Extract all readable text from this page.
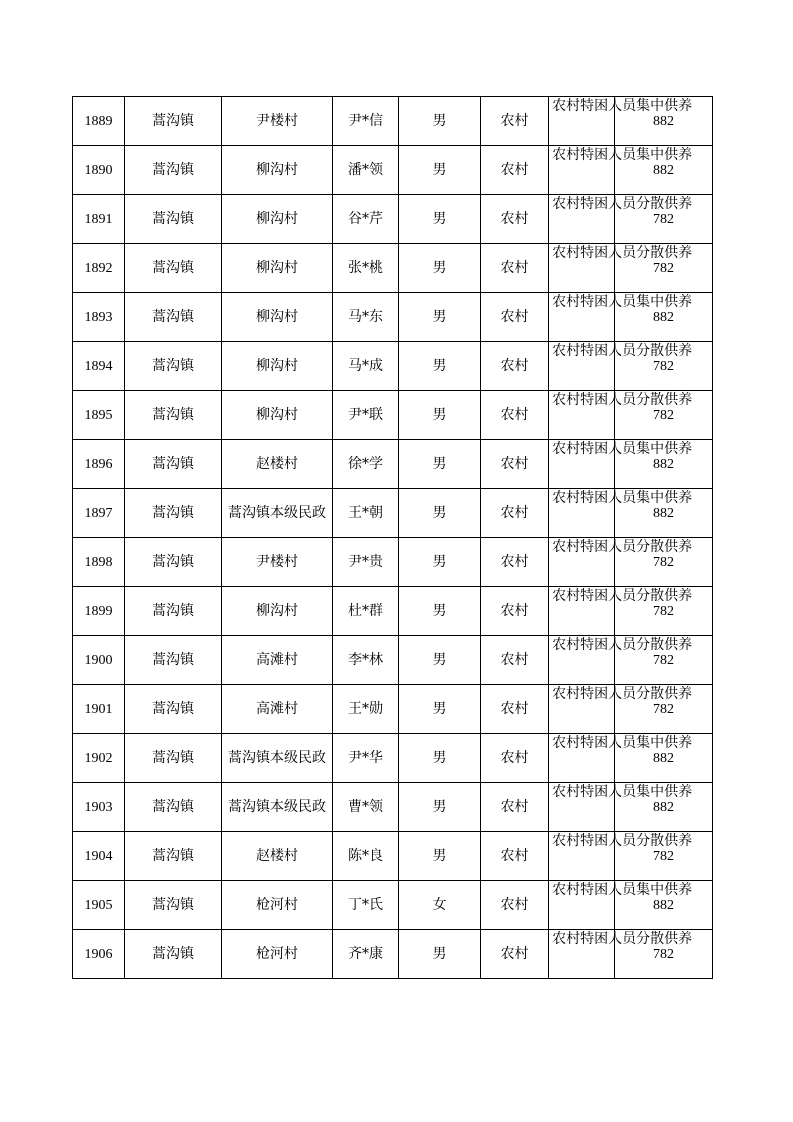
1889	蒿沟镇	尹楼村	尹*信	男	农村	农村特困人员集中供养	882
1890	蒿沟镇	柳沟村	潘*领	男	农村	农村特困人员集中供养	882
1891	蒿沟镇	柳沟村	谷*芹	男	农村	农村特困人员分散供养	782
1892	蒿沟镇	柳沟村	张*桃	男	农村	农村特困人员分散供养	782
1893	蒿沟镇	柳沟村	马*东	男	农村	农村特困人员集中供养	882
1894	蒿沟镇	柳沟村	马*成	男	农村	农村特困人员分散供养	782
1895	蒿沟镇	柳沟村	尹*联	男	农村	农村特困人员分散供养	782
1896	蒿沟镇	赵楼村	徐*学	男	农村	农村特困人员集中供养	882
1897	蒿沟镇	蒿沟镇本级民政	王*朝	男	农村	农村特困人员集中供养	882
1898	蒿沟镇	尹楼村	尹*贵	男	农村	农村特困人员分散供养	782
1899	蒿沟镇	柳沟村	杜*群	男	农村	农村特困人员分散供养	782
1900	蒿沟镇	高滩村	李*林	男	农村	农村特困人员分散供养	782
1901	蒿沟镇	高滩村	王*勋	男	农村	农村特困人员分散供养	782
1902	蒿沟镇	蒿沟镇本级民政	尹*华	男	农村	农村特困人员集中供养	882
1903	蒿沟镇	蒿沟镇本级民政	曹*领	男	农村	农村特困人员集中供养	882
1904	蒿沟镇	赵楼村	陈*良	男	农村	农村特困人员分散供养	782
1905	蒿沟镇	枪河村	丁*氏	女	农村	农村特困人员集中供养	882
1906	蒿沟镇	枪河村	齐*康	男	农村	农村特困人员分散供养	782
